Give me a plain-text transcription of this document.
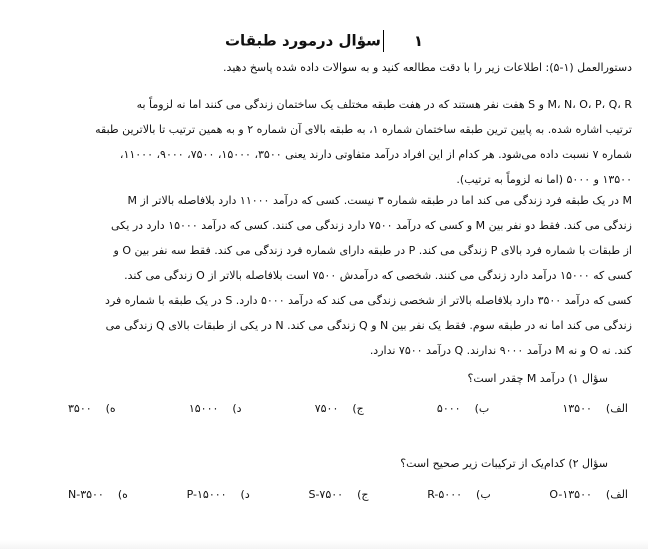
۱
سؤال درمورد طبقات
دستورالعمل (۱-۵): اطلاعات زیر را با دقت مطالعه کنید و به سوالات داده شده پاسخ دهید.
M، N، O، P، Q، R و S هفت نفر هستند که در هفت طبقه مختلف یک ساختمان زندگی می کنند اما نه لزوماً به
ترتیب اشاره شده. به پایین ترین طبقه ساختمان شماره ۱، به طبقه بالای آن شماره ۲ و به همین ترتیب تا بالاترین طبقه
شماره ۷ نسبت داده می‌شود. هر کدام از این افراد درآمد متفاوتی دارند یعنی ۳۵۰۰، ۱۵۰۰۰، ۷۵۰۰، ۹۰۰۰، ۱۱۰۰۰،
۱۳۵۰۰ و ۵۰۰۰ (اما نه لزوماً به ترتیب).
M در یک طبقه فرد زندگی می کند اما در طبقه شماره ۳ نیست. کسی که درآمد ۱۱۰۰۰ دارد بلافاصله بالاتر از M
زندگی می کند. فقط دو نفر بین M و کسی که درآمد ۷۵۰۰ دارد زندگی می کنند. کسی که درآمد ۱۵۰۰۰ دارد در یکی
از طبقات با شماره فرد بالای P زندگی می کند. P در طبقه دارای شماره فرد زندگی می کند. فقط سه نفر بین O و
کسی که ۱۵۰۰۰ درآمد دارد زندگی می کنند. شخصی که درآمدش ۷۵۰۰ است بلافاصله بالاتر از O زندگی می کند.
کسی که درآمد ۳۵۰۰ دارد بلافاصله بالاتر از شخصی زندگی می کند که درآمد ۵۰۰۰ دارد. S در یک طبقه با شماره فرد
زندگی می کند اما نه در طبقه سوم. فقط یک نفر بین N و Q زندگی می کند. N در یکی از طبقات بالای Q زندگی می
کند. نه O و نه M درآمد ۹۰۰۰ ندارند. Q درآمد ۷۵۰۰ ندارد.
سؤال ۱) درآمد M چقدر است؟
الف)۱۳۵۰۰
ب)۵۰۰۰
ج)۷۵۰۰
د)۱۵۰۰۰
ه)۳۵۰۰
سؤال ۲) کدام‌یک از ترکیبات زیر صحیح است؟
الف)O-۱۳۵۰۰
ب)R-۵۰۰۰
ج)S-۷۵۰۰
د)P-۱۵۰۰۰
ه)N-۳۵۰۰
